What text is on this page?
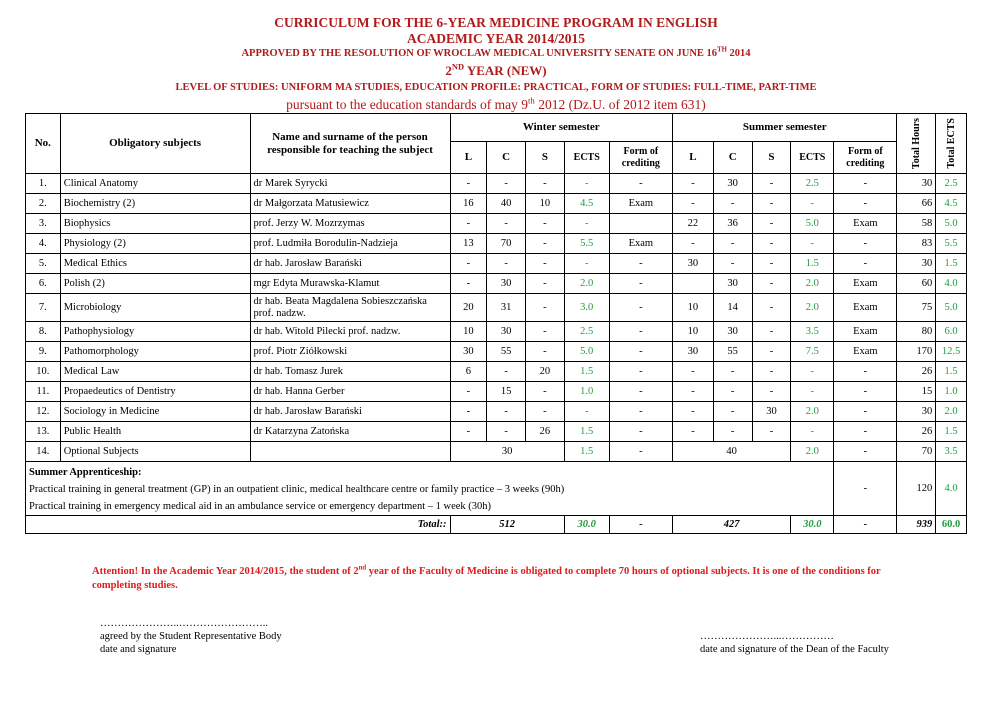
CURRICULUM FOR THE 6-YEAR MEDICINE PROGRAM IN ENGLISH
ACADEMIC YEAR 2014/2015
APPROVED BY THE RESOLUTION OF WROCLAW MEDICAL UNIVERSITY SENATE ON JUNE 16TH 2014
2ND YEAR (NEW)
LEVEL OF STUDIES: UNIFORM MA STUDIES, EDUCATION PROFILE: PRACTICAL, FORM OF STUDIES: FULL-TIME, PART-TIME
pursuant to the education standards of may 9th 2012 (Dz.U. of 2012 item 631)
No.	Obligatory subjects	Name and surname of the person responsible for teaching the subject	Winter semester					Summer semester					Total Hours	Total ECTS

			L	C	S	ECTS	Form of crediting	L	C	S	ECTS	Form of crediting		
1.	Clinical Anatomy	dr Marek Syrycki	-	-	-	-	-	-	30	-	2.5	-	30	2.5
2.	Biochemistry (2)	dr Małgorzata Matusiewicz	16	40	10	4.5	Exam	-	-	-	-	-	66	4.5
3.	Biophysics	prof. Jerzy W. Mozrzymas	-	-	-	-		22	36	-	5.0	Exam	58	5.0
4.	Physiology (2)	prof. Ludmiła Borodulin-Nadzieja	13	70	-	5.5	Exam	-	-	-	-	-	83	5.5
5.	Medical Ethics	dr hab. Jarosław Barański	-	-	-	-	-	30	-	-	1.5	-	30	1.5
6.	Polish (2)	mgr Edyta Murawska-Klamut	-	30	-	2.0	-		30	-	2.0	Exam	60	4.0
7.	Microbiology	dr hab. Beata Magdalena Sobieszczańska prof. nadzw.	20	31	-	3.0	-	10	14	-	2.0	Exam	75	5.0
8.	Pathophysiology	dr hab. Witold Pilecki prof. nadzw.	10	30	-	2.5	-	10	30	-	3.5	Exam	80	6.0
9.	Pathomorphology	prof. Piotr Ziółkowski	30	55	-	5.0	-	30	55	-	7.5	Exam	170	12.5
10.	Medical Law	dr hab. Tomasz Jurek	6	-	20	1.5	-	-	-	-	-	-	26	1.5
11.	Propaedeutics of Dentistry	dr hab. Hanna Gerber	-	15	-	1.0	-	-	-	-	-	-	15	1.0
12.	Sociology in Medicine	dr hab. Jarosław Barański	-	-	-	-	-	-	-	30	2.0	-	30	2.0
13.	Public Health	dr Katarzyna Zatońska	-	-	26	1.5	-	-	-	-	-	-	26	1.5
14.	Optional Subjects		30			1.5	-	40			2.0	-	70	3.5

Summer Apprenticeship:
Practical training in general treatment (GP) in an outpatient clinic, medical healthcare centre or family practice – 3 weeks (90h)
Practical training in emergency medical aid in an ambulance service or emergency department – 1 week (30h)												-	120	4.0
Total::			512			30.0	-	427			30.0	-	939	60.0
Attention! In the Academic Year 2014/2015, the student of 2nd year of the Faculty of Medicine is obligated to complete 70 hours of optional subjects. It is one of the conditions for completing studies.
…………………..……………………..
agreed by the Student Representative Body
date and signature
…………………...……………
date and signature of the Dean of the Faculty
